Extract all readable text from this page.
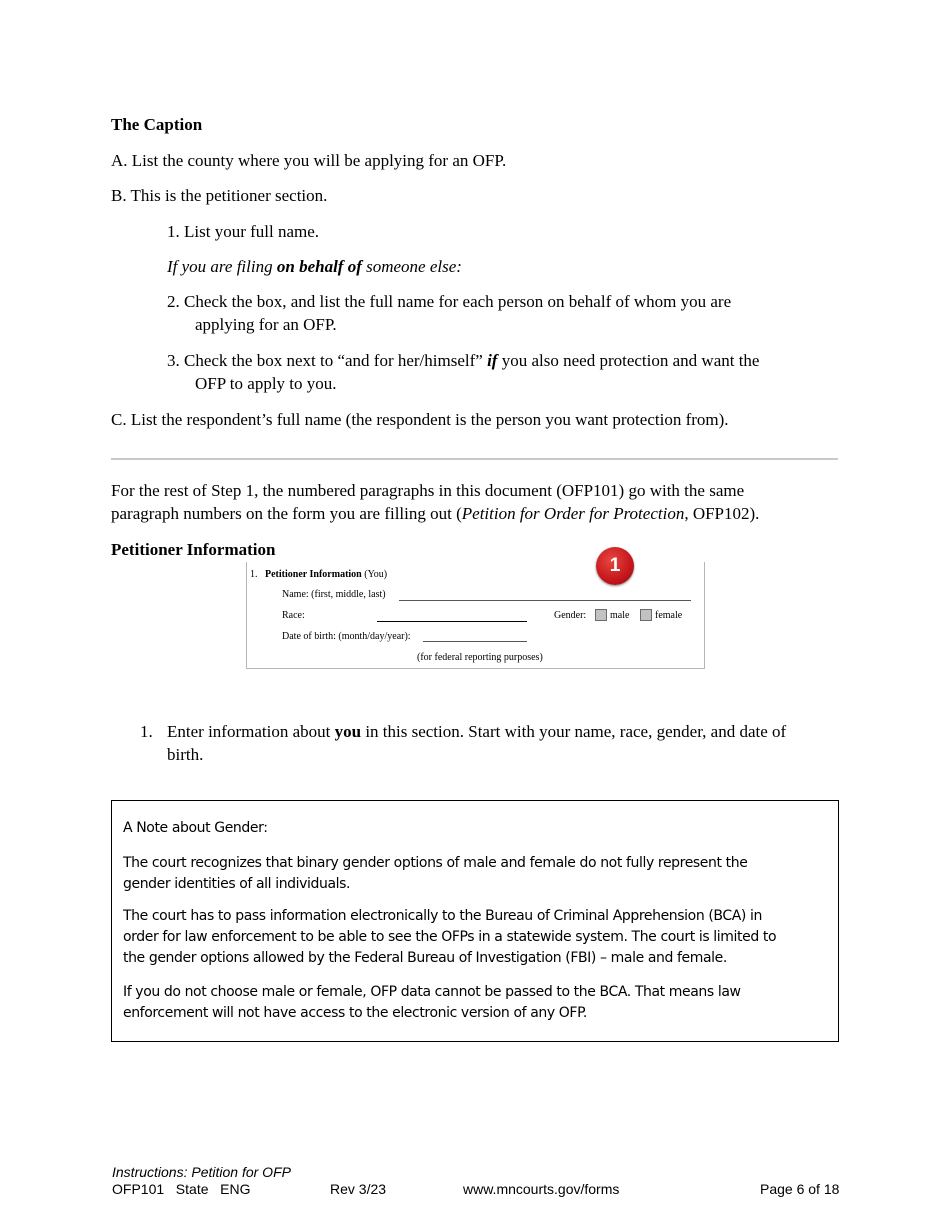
The Caption
A. List the county where you will be applying for an OFP.
B. This is the petitioner section.
1. List your full name.
If you are filing on behalf of someone else:
2. Check the box, and list the full name for each person on behalf of whom you are
applying for an OFP.
3. Check the box next to “and for her/himself” if you also need protection and want the
OFP to apply to you.
C. List the respondent’s full name (the respondent is the person you want protection from).
For the rest of Step 1, the numbered paragraphs in this document (OFP101) go with the same
paragraph numbers on the form you are filling out (Petition for Order for Protection, OFP102).
Petitioner Information
1. Petitioner Information (You)
Name: (first, middle, last)
Race:	Gender: male	female
Date of birth: (month/day/year):
(for federal reporting purposes)
1
1. Enter information about you in this section. Start with your name, race, gender, and date of
birth.
A Note about Gender:
The court recognizes that binary gender options of male and female do not fully represent the
gender identities of all individuals.
The court has to pass information electronically to the Bureau of Criminal Apprehension (BCA) in
order for law enforcement to be able to see the OFPs in a statewide system. The court is limited to
the gender options allowed by the Federal Bureau of Investigation (FBI) – male and female.
If you do not choose male or female, OFP data cannot be passed to the BCA. That means law
enforcement will not have access to the electronic version of any OFP.
Instructions: Petition for OFP
OFP101   State   ENG	Rev 3/23	www.mncourts.gov/forms	Page 6 of 18
